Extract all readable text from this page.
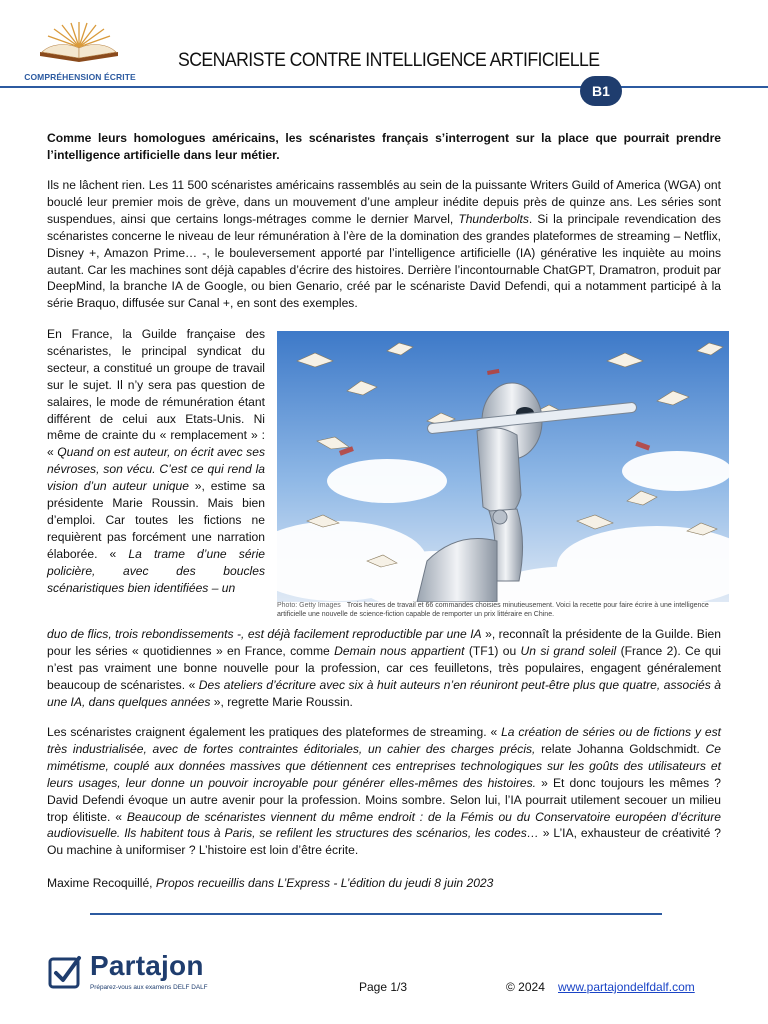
COMPRÉHENSION ÉCRITE
SCENARISTE CONTRE INTELLIGENCE ARTIFICIELLE
B1
Comme leurs homologues américains, les scénaristes français s’interrogent sur la place que pourrait prendre l’intelligence artificielle dans leur métier.
Ils ne lâchent rien. Les 11 500 scénaristes américains rassemblés au sein de la puissante Writers Guild of America (WGA) ont bouclé leur premier mois de grève, dans un mouvement d’une ampleur inédite depuis près de quinze ans. Les séries sont suspendues, ainsi que certains longs-métrages comme le dernier Marvel, Thunderbolts. Si la principale revendication des scénaristes concerne le niveau de leur rémunération à l’ère de la domination des grandes plateformes de streaming – Netflix, Disney +, Amazon Prime… -, le bouleversement apporté par l’intelligence artificielle (IA) générative les inquiète au moins autant. Car les machines sont déjà capables d’écrire des histoires. Derrière l’incontournable ChatGPT, Dramatron, produit par DeepMind, la branche IA de Google, ou bien Genario, créé par le scénariste David Defendi, qui a notamment participé à la série Braquo, diffusée sur Canal +, en sont des exemples.
En France, la Guilde française des scénaristes, le principal syndicat du secteur, a constitué un groupe de travail sur le sujet. Il n’y sera pas question de salaires, le mode de rémunération étant différent de celui aux Etats-Unis. Ni même de crainte du « remplacement » : « Quand on est auteur, on écrit avec ses névroses, son vécu. C’est ce qui rend la vision d’un auteur unique », estime sa présidente Marie Roussin. Mais bien d’emploi. Car toutes les fictions ne requièrent pas forcément une narration élaborée. « La trame d’une série policière, avec des boucles scénaristiques bien identifiées – un
Photo: Getty Images Trois heures de travail et 66 commandes choisies minutieusement. Voici la recette pour faire écrire à une intelligence artificielle une nouvelle de science-fiction capable de remporter un prix littéraire en Chine.
duo de flics, trois rebondissements -, est déjà facilement reproductible par une IA », reconnaît la présidente de la Guilde. Bien pour les séries « quotidiennes » en France, comme Demain nous appartient (TF1) ou Un si grand soleil (France 2). Ce qui n’est pas vraiment une bonne nouvelle pour la profession, car ces feuilletons, très populaires, engagent généralement beaucoup de scénaristes. « Des ateliers d’écriture avec six à huit auteurs n’en réuniront peut-être plus que quatre, associés à une IA, dans quelques années », regrette Marie Roussin.
Les scénaristes craignent également les pratiques des plateformes de streaming. « La création de séries ou de fictions y est très industrialisée, avec de fortes contraintes éditoriales, un cahier des charges précis, relate Johanna Goldschmidt. Ce mimétisme, couplé aux données massives que détiennent ces entreprises technologiques sur les goûts des utilisateurs et leurs usages, leur donne un pouvoir incroyable pour générer elles-mêmes des histoires. » Et donc toujours les mêmes ? David Defendi évoque un autre avenir pour la profession. Moins sombre. Selon lui, l’IA pourrait utilement secouer un milieu trop élitiste. « Beaucoup de scénaristes viennent du même endroit : de la Fémis ou du Conservatoire européen d’écriture audiovisuelle. Ils habitent tous à Paris, se refilent les structures des scénarios, les codes… » L’IA, exhausteur de créativité ? Ou machine à uniformiser ? L’histoire est loin d’être écrite.
Maxime Recoquillé, Propos recueillis dans L’Express - L’édition du jeudi 8 juin 2023
Partajon
Préparez-vous aux examens DELF DALF	Page 1/3	© 2024 www.partajondelfdalf.com
